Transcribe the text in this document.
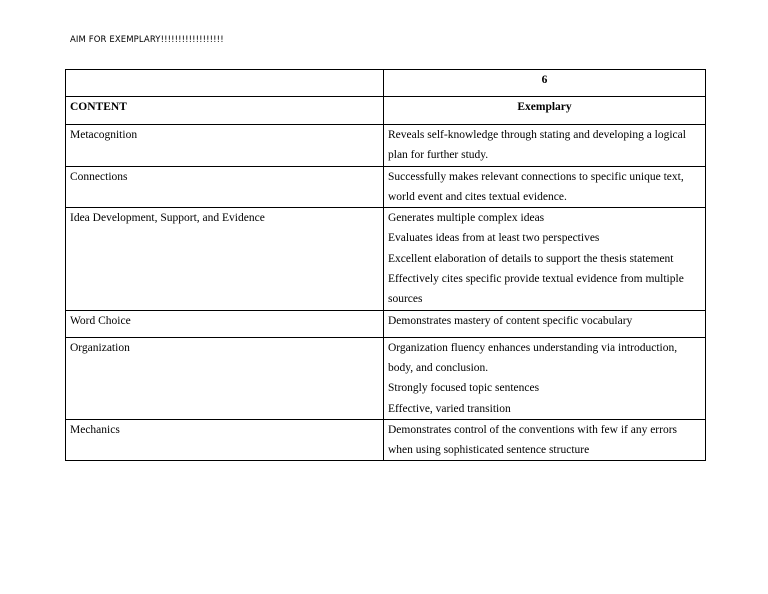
AIM FOR EXEMPLARY!!!!!!!!!!!!!!!!!!
	6
CONTENT	Exemplary
Metacognition	Reveals self-knowledge through stating and developing a logical
plan for further study.

Connections	Successfully makes relevant connections to specific unique text,
world event and cites textual evidence.

Idea Development, Support, and Evidence	Generates multiple complex ideas
Evaluates ideas from at least two perspectives
Excellent elaboration of details to support the thesis statement
Effectively cites specific provide textual evidence from multiple
sources

Word Choice	Demonstrates mastery of content specific vocabulary

Organization	Organization fluency enhances understanding via introduction,
body, and conclusion.
Strongly focused topic sentences
Effective, varied transition

Mechanics	Demonstrates control of the conventions with few if any errors
when using sophisticated sentence structure
